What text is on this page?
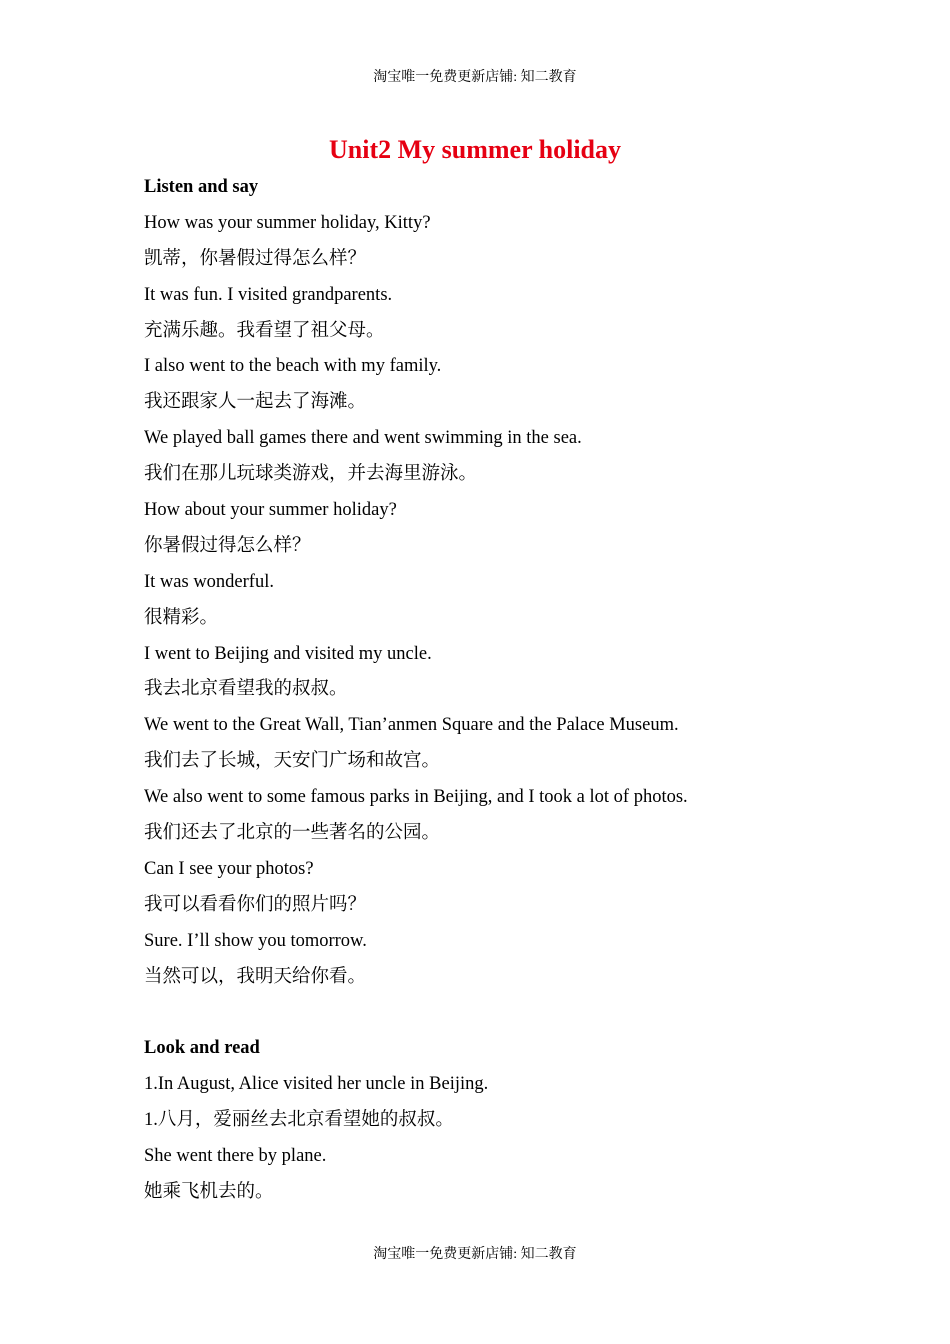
淘宝唯一免费更新店铺: 知二教育
Unit2 My summer holiday
Listen and say
How was your summer holiday, Kitty?
凯蒂，你暑假过得怎么样？
It was fun. I visited grandparents.
充满乐趣。我看望了祖父母。
I also went to the beach with my family.
我还跟家人一起去了海滩。
We played ball games there and went swimming in the sea.
我们在那儿玩球类游戏，并去海里游泳。
How about your summer holiday?
你暑假过得怎么样？
It was wonderful.
很精彩。
I went to Beijing and visited my uncle.
我去北京看望我的叔叔。
We went to the Great Wall, Tian’anmen Square and the Palace Museum.
我们去了长城，天安门广场和故宫。
We also went to some famous parks in Beijing, and I took a lot of photos.
我们还去了北京的一些著名的公园。
Can I see your photos?
我可以看看你们的照片吗？
Sure. I’ll show you tomorrow.
当然可以，我明天给你看。
Look and read
1.In August, Alice visited her uncle in Beijing.
1.八月，爱丽丝去北京看望她的叔叔。
She went there by plane.
她乘飞机去的。
淘宝唯一免费更新店铺: 知二教育
